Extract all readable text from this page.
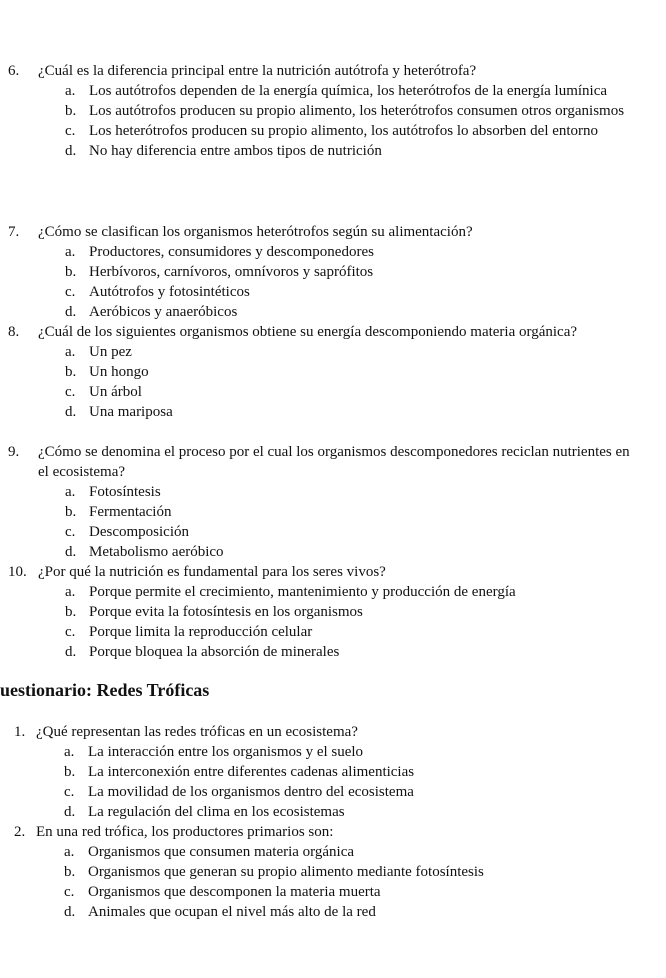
6.	¿Cuál es la diferencia principal entre la nutrición autótrofa y heterótrofa?
a. Los autótrofos dependen de la energía química, los heterótrofos de la energía lumínica
b. Los autótrofos producen su propio alimento, los heterótrofos consumen otros organismos
c. Los heterótrofos producen su propio alimento, los autótrofos lo absorben del entorno
d. No hay diferencia entre ambos tipos de nutrición
7.	¿Cómo se clasifican los organismos heterótrofos según su alimentación?
a. Productores, consumidores y descomponedores
b. Herbívoros, carnívoros, omnívoros y saprófitos
c. Autótrofos y fotosintéticos
d. Aeróbicos y anaeróbicos
8.	¿Cuál de los siguientes organismos obtiene su energía descomponiendo materia orgánica?
a. Un pez
b. Un hongo
c. Un árbol
d. Una mariposa
9.	¿Cómo se denomina el proceso por el cual los organismos descomponedores reciclan nutrientes en el ecosistema?
a. Fotosíntesis
b. Fermentación
c. Descomposición
d. Metabolismo aeróbico
10. ¿Por qué la nutrición es fundamental para los seres vivos?
a. Porque permite el crecimiento, mantenimiento y producción de energía
b. Porque evita la fotosíntesis en los organismos
c. Porque limita la reproducción celular
d. Porque bloquea la absorción de minerales
uestionario: Redes Tróficas
1. ¿Qué representan las redes tróficas en un ecosistema?
a. La interacción entre los organismos y el suelo
b. La interconexión entre diferentes cadenas alimenticias
c. La movilidad de los organismos dentro del ecosistema
d. La regulación del clima en los ecosistemas
2. En una red trófica, los productores primarios son:
a. Organismos que consumen materia orgánica
b. Organismos que generan su propio alimento mediante fotosíntesis
c. Organismos que descomponen la materia muerta
d. Animales que ocupan el nivel más alto de la red
